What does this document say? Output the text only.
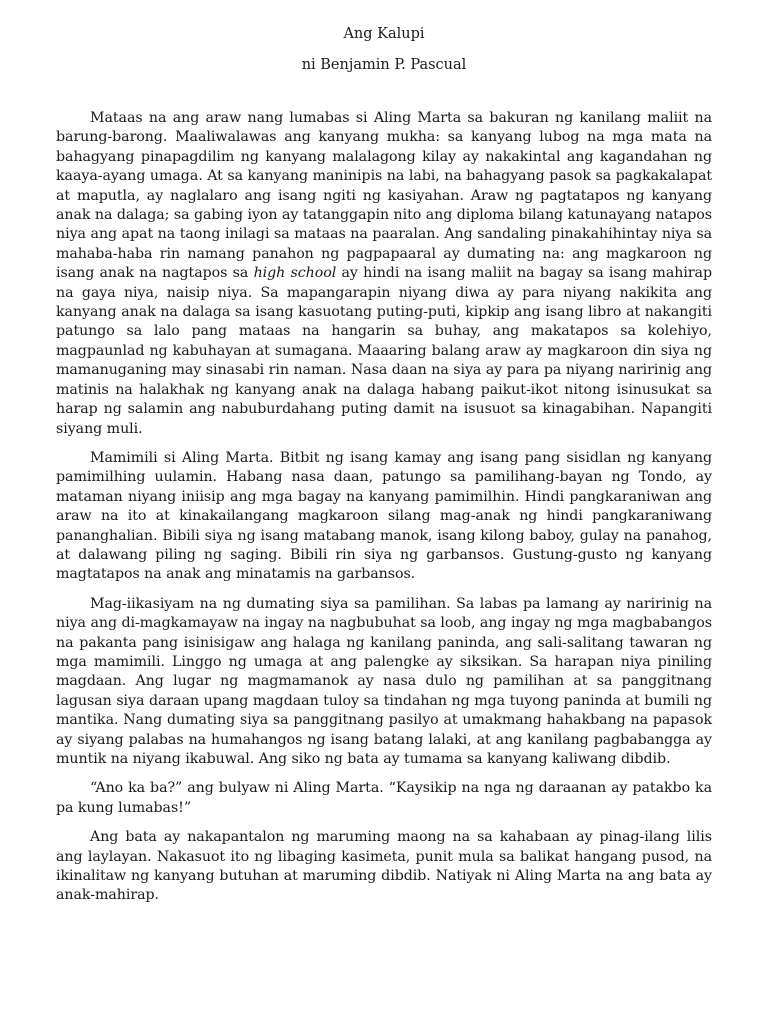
Ang Kalupi
ni Benjamin P. Pascual

Mataas na ang araw nang lumabas si Aling Marta sa bakuran ng kanilang maliit na barung-barong. Maaliwalawas ang kanyang mukha: sa kanyang lubog na mga mata na bahagyang pinapagdilim ng kanyang malalagong kilay ay nakakintal ang kagandahan ng kaaya-ayang umaga. At sa kanyang maninipis na labi, na bahagyang pasok sa pagkakalapat at maputla, ay naglalaro ang isang ngiti ng kasiyahan. Araw ng pagtatapos ng kanyang anak na dalaga; sa gabing iyon ay tatanggapin nito ang diploma bilang katunayang natapos niya ang apat na taong inilagi sa mataas na paaralan. Ang sandaling pinakahihintay niya sa mahaba-haba rin namang panahon ng pagpapaaral ay dumating na: ang magkaroon ng isang anak na nagtapos sa high school ay hindi na isang maliit na bagay sa isang mahirap na gaya niya, naisip niya. Sa mapangarapin niyang diwa ay para niyang nakikita ang kanyang anak na dalaga sa isang kasuotang puting-puti, kipkip ang isang libro at nakangiti patungo sa lalo pang mataas na hangarin sa buhay, ang makatapos sa kolehiyo, magpaunlad ng kabuhayan at sumagana. Maaaring balang araw ay magkaroon din siya ng mamanuganing may sinasabi rin naman. Nasa daan na siya ay para pa niyang naririnig ang matinis na halakhak ng kanyang anak na dalaga habang paikut-ikot nitong isinusukat sa harap ng salamin ang nabuburdahang puting damit na isusuot sa kinagabihan. Napangiti siyang muli.

Mamimili si Aling Marta. Bitbit ng isang kamay ang isang pang sisidlan ng kanyang pamimilhing uulamin. Habang nasa daan, patungo sa pamilihang-bayan ng Tondo, ay mataman niyang iniisip ang mga bagay na kanyang pamimilhin. Hindi pangkaraniwan ang araw na ito at kinakailangang magkaroon silang mag-anak ng hindi pangkaraniwang pananghalian. Bibili siya ng isang matabang manok, isang kilong baboy, gulay na panahog, at dalawang piling ng saging. Bibili rin siya ng garbansos. Gustung-gusto ng kanyang magtatapos na anak ang minatamis na garbansos.

Mag-iikasiyam na ng dumating siya sa pamilihan. Sa labas pa lamang ay naririnig na niya ang di-magkamayaw na ingay na nagbubuhat sa loob, ang ingay ng mga magbabangos na pakanta pang isinisigaw ang halaga ng kanilang paninda, ang sali-salitang tawaran ng mga mamimili. Linggo ng umaga at ang palengke ay siksikan. Sa harapan niya piniling magdaan. Ang lugar ng magmamanok ay nasa dulo ng pamilihan at sa panggitnang lagusan siya daraan upang magdaan tuloy sa tindahan ng mga tuyong paninda at bumili ng mantika. Nang dumating siya sa panggitnang pasilyo at umakmang hahakbang na papasok ay siyang palabas na humahangos ng isang batang lalaki, at ang kanilang pagbabangga ay muntik na niyang ikabuwal. Ang siko ng bata ay tumama sa kanyang kaliwang dibdib.

“Ano ka ba?” ang bulyaw ni Aling Marta. “Kaysikip na nga ng daraanan ay patakbo ka pa kung lumabas!”

Ang bata ay nakapantalon ng maruming maong na sa kahabaan ay pinag-ilang lilis ang laylayan. Nakasuot ito ng libaging kasimeta, punit mula sa balikat hangang pusod, na ikinalitaw ng kanyang butuhan at maruming dibdib. Natiyak ni Aling Marta na ang bata ay anak-mahirap.
